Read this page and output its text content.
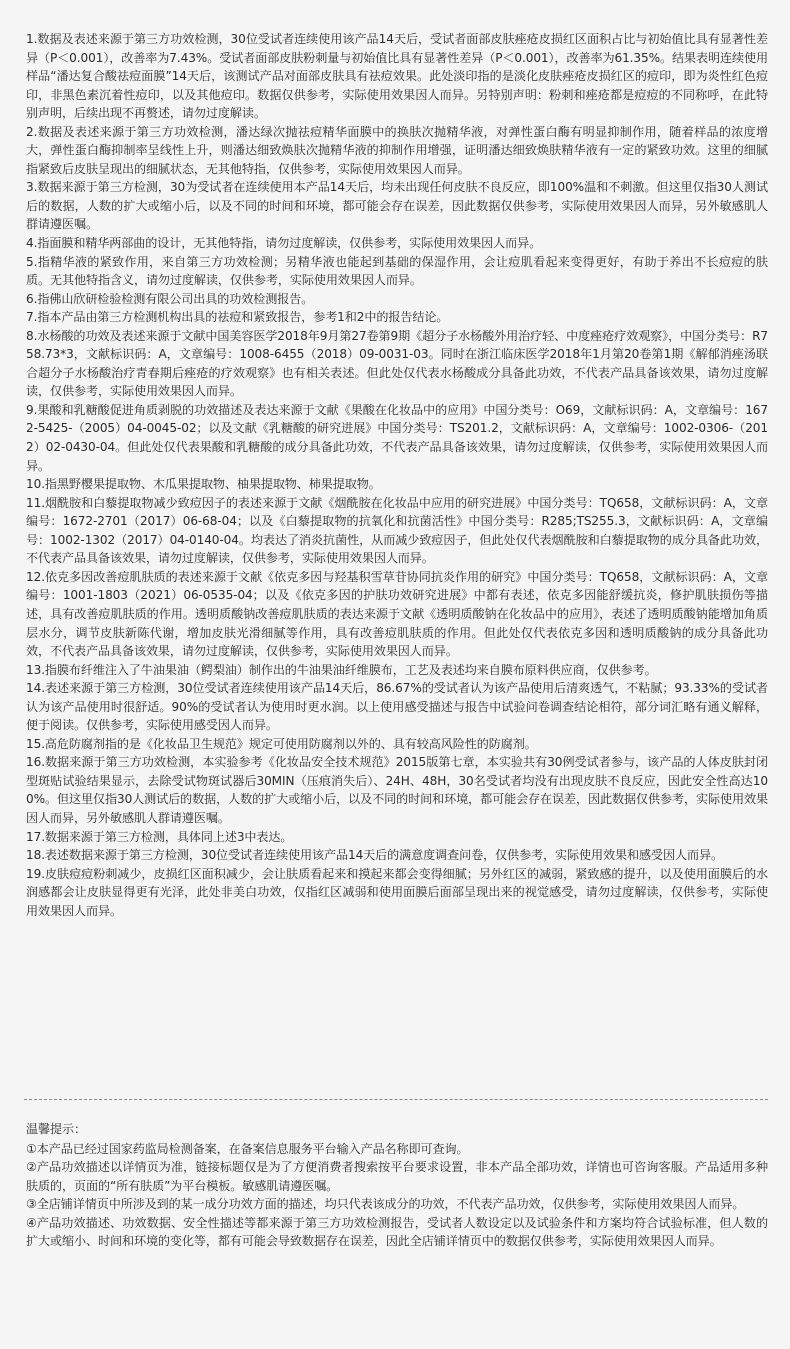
1.数据及表述来源于第三方功效检测，30位受试者连续使用该产品14天后，受试者面部皮肤痤疮皮损红区面积占比与初始值比具有显著性差异（P＜0.001），改善率为7.43%。受试者面部皮肤粉刺量与初始值比具有显著性差异（P＜0.001），改善率为61.35%。结果表明连续使用样品“潘达复合酸祛痘面膜”14天后，该测试产品对面部皮肤具有祛痘效果。此处淡印指的是淡化皮肤痤疮皮损红区的痘印，即为炎性红色痘印，非黑色素沉着性痘印，以及其他痘印。数据仅供参考，实际使用效果因人而异。另特别声明：粉刺和痤疮都是痘痘的不同称呼，在此特别声明，后续出现不再赘述，请勿过度解读。

2.数据及表述来源于第三方功效检测，潘达绿次抛祛痘精华面膜中的换肤次抛精华液，对弹性蛋白酶有明显抑制作用，随着样品的浓度增大，弹性蛋白酶抑制率呈线性上升，则潘达细致焕肤次抛精华液的抑制作用增强，证明潘达细致焕肤精华液有一定的紧致功效。这里的细腻指紧致后皮肤呈现出的细腻状态，无其他特指，仅供参考，实际使用效果因人而异。

3.数据来源于第三方检测，30为受试者在连续使用本产品14天后，均未出现任何皮肤不良反应，即100%温和不刺激。但这里仅指30人测试后的数据，人数的扩大或缩小后，以及不同的时间和环境，都可能会存在误差，因此数据仅供参考，实际使用效果因人而异，另外敏感肌人群请遵医嘱。

4.指面膜和精华两部曲的设计，无其他特指，请勿过度解读，仅供参考，实际使用效果因人而异。

5.指精华液的紧致作用，来自第三方功效检测；另精华液也能起到基础的保湿作用，会让痘肌看起来变得更好，有助于养出不长痘痘的肤质。无其他特指含义，请勿过度解读，仅供参考，实际使用效果因人而异。

6.指佛山欣研检验检测有限公司出具的功效检测报告。

7.指本产品由第三方检测机构出具的祛痘和紧致报告，参考1和2中的报告结论。

8.水杨酸的功效及表述来源于文献中国美容医学2018年9月第27卷第9期《超分子水杨酸外用治疗轻、中度痤疮疗效观察》，中国分类号：R758.73*3，文献标识码：A，文章编号：1008-6455（2018）09-0031-03。同时在浙江临床医学2018年1月第20卷第1期《解郁消痤汤联合超分子水杨酸治疗青春期后痤疮的疗效观察》也有相关表述。但此处仅代表水杨酸成分具备此功效，不代表产品具备该效果，请勿过度解读，仅供参考，实际使用效果因人而异。

9.果酸和乳糖酸促进角质剥脱的功效描述及表达来源于文献《果酸在化妆品中的应用》中国分类号：O69，文献标识码：A，文章编号：1672-5425-（2005）04-0045-02；以及文献《乳糖酸的研究进展》中国分类号：TS201.2，文献标识码：A，文章编号：1002-0306-（2012）02-0430-04。但此处仅代表果酸和乳糖酸的成分具备此功效，不代表产品具备该效果，请勿过度解读，仅供参考，实际使用效果因人而异。

10.指黑野樱果提取物、木瓜果提取物、柚果提取物、柿果提取物。

11.烟酰胺和白藜提取物减少致痘因子的表述来源于文献《烟酰胺在化妆品中应用的研究进展》中国分类号：TQ658，文献标识码：A，文章编号：1672-2701（2017）06-68-04；以及《白藜提取物的抗氧化和抗菌活性》中国分类号：R285;TS255.3，文献标识码：A，文章编号：1002-1302（2017）04-0140-04。均表达了消炎抗菌性，从而减少致痘因子，但此处仅代表烟酰胺和白藜提取物的成分具备此功效，不代表产品具备该效果，请勿过度解读，仅供参考，实际使用效果因人而异。

12.依克多因改善痘肌肤质的表述来源于文献《依克多因与羟基积雪草苷协同抗炎作用的研究》中国分类号：TQ658，文献标识码：A，文章编号：1001-1803（2021）06-0535-04；以及《依克多因的护肤功效研究进展》中都有表述，依克多因能舒缓抗炎，修护肌肤损伤等描述，具有改善痘肌肤质的作用。透明质酸钠改善痘肌肤质的表达来源于文献《透明质酸钠在化妆品中的应用》，表述了透明质酸钠能增加角质层水分，调节皮肤新陈代谢，增加皮肤光滑细腻等作用，具有改善痘肌肤质的作用。但此处仅代表依克多因和透明质酸钠的成分具备此功效，不代表产品具备该效果，请勿过度解读，仅供参考，实际使用效果因人而异。

13.指膜布纤维注入了牛油果油（鳄梨油）制作出的牛油果油纤维膜布，工艺及表述均来自膜布原料供应商，仅供参考。

14.表述来源于第三方检测，30位受试者连续使用该产品14天后，86.67%的受试者认为该产品使用后清爽透气，不粘腻；93.33%的受试者认为该产品使用时很舒适。90%的受试者认为使用时更水润。以上使用感受描述与报告中试验问卷调查结论相符，部分词汇略有通义解释，便于阅读。仅供参考，实际使用感受因人而异。

15.高危防腐剂指的是《化妆品卫生规范》规定可使用防腐剂以外的、具有较高风险性的防腐剂。

16.数据来源于第三方功效检测，本实验参考《化妆品安全技术规范》2015版第七章，本实验共有30例受试者参与，该产品的人体皮肤封闭型斑贴试验结果显示，去除受试物斑试器后30MIN（压痕消失后）、24H、48H，30名受试者均没有出现皮肤不良反应，因此安全性高达100%。但这里仅指30人测试后的数据，人数的扩大或缩小后，以及不同的时间和环境，都可能会存在误差，因此数据仅供参考，实际使用效果因人而异，另外敏感肌人群请遵医嘱。

17.数据来源于第三方检测，具体同上述3中表达。

18.表述数据来源于第三方检测，30位受试者连续使用该产品14天后的满意度调查问卷，仅供参考，实际使用效果和感受因人而异。

19.皮肤痘痘粉刺减少，皮损红区面积减少，会让肤质看起来和摸起来都会变得细腻；另外红区的减弱，紧致感的提升，以及使用面膜后的水润感都会让皮肤显得更有光泽，此处非美白功效，仅指红区减弱和使用面膜后面部呈现出来的视觉感受，请勿过度解读，仅供参考，实际使用效果因人而异。

温馨提示：

①本产品已经过国家药监局检测备案，在备案信息服务平台输入产品名称即可查询。

②产品功效描述以详情页为准，链接标题仅是为了方便消费者搜索按平台要求设置，非本产品全部功效，详情也可咨询客服。产品适用多种肤质的，页面的“所有肤质”为平台模板。敏感肌请遵医嘱。

③全店铺详情页中所涉及到的某一成分功效方面的描述，均只代表该成分的功效，不代表产品功效，仅供参考，实际使用效果因人而异。

④产品功效描述、功效数据、安全性描述等都来源于第三方功效检测报告，受试者人数设定以及试验条件和方案均符合试验标准，但人数的扩大或缩小、时间和环境的变化等，都有可能会导致数据存在误差，因此全店铺详情页中的数据仅供参考，实际使用效果因人而异。
